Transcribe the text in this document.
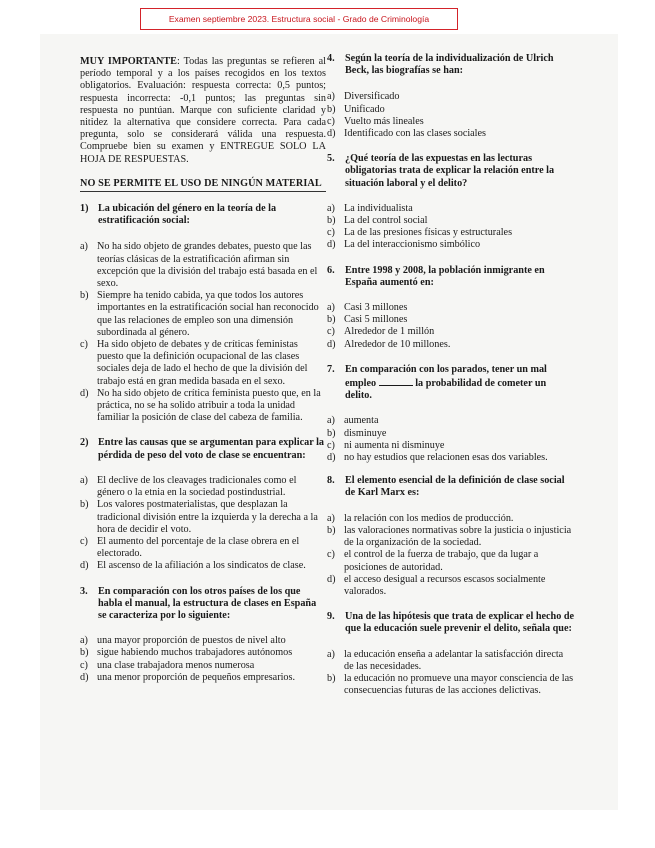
Examen septiembre 2023. Estructura social - Grado de Criminología

MUY IMPORTANTE: Todas las preguntas se refieren al período temporal y a los países recogidos en los textos obligatorios. Evaluación: respuesta correcta: 0,5 puntos; respuesta incorrecta: -0,1 puntos; las preguntas sin respuesta no puntúan. Marque con suficiente claridad y nitidez la alternativa que considere correcta. Para cada pregunta, solo se considerará válida una respuesta. Compruebe bien su examen y ENTREGUE SOLO LA HOJA DE RESPUESTAS.

NO SE PERMITE EL USO DE NINGÚN MATERIAL
1) La ubicación del género en la teoría de la estratificación social:
a) No ha sido objeto de grandes debates, puesto que las teorías clásicas de la estratificación afirman sin excepción que la división del trabajo está basada en el sexo.
b) Siempre ha tenido cabida, ya que todos los autores importantes en la estratificación social han reconocido que las relaciones de empleo son una dimensión subordinada al género.
c) Ha sido objeto de debates y de críticas feministas puesto que la definición ocupacional de las clases sociales deja de lado el hecho de que la división del trabajo está en gran medida basada en el sexo.
d) No ha sido objeto de crítica feminista puesto que, en la práctica, no se ha solido atribuir a toda la unidad familiar la posición de clase del cabeza de familia.
2) Entre las causas que se argumentan para explicar la pérdida de peso del voto de clase se encuentran:
a) El declive de los cleavages tradicionales como el género o la etnia en la sociedad postindustrial.
b) Los valores postmaterialistas, que desplazan la tradicional división entre la izquierda y la derecha a la hora de decidir el voto.
c) El aumento del porcentaje de la clase obrera en el electorado.
d) El ascenso de la afiliación a los sindicatos de clase.
3.	En comparación con los otros países de los que habla el manual, la estructura de clases en España se caracteriza por lo siguiente:
a) una mayor proporción de puestos de nivel alto
b) sigue habiendo muchos trabajadores autónomos
c) una clase trabajadora menos numerosa
d) una menor proporción de pequeños empresarios.
4.	Según la teoría de la individualización de Ulrich Beck, las biografías se han:
a) Diversificado
b) Unificado
c) Vuelto más lineales
d) Identificado con las clases sociales
5.	¿Qué teoría de las expuestas en las lecturas obligatorias trata de explicar la relación entre la situación laboral y el delito?
a) La individualista
b) La del control social
c) La de las presiones físicas y estructurales
d) La del interaccionismo simbólico
6.	Entre 1998 y 2008, la población inmigrante en España aumentó en:
a) Casi 3 millones
b) Casi 5 millones
c) Alrededor de 1 millón
d) Alrededor de 10 millones.
7.	En comparación con los parados, tener un mal empleo	la probabilidad de cometer un delito.
a) aumenta
b) disminuye
c) ni aumenta ni disminuye
d) no hay estudios que relacionen esas dos variables.
8.	El elemento esencial de la definición de clase social de Karl Marx es:
a) la relación con los medios de producción.
b) las valoraciones normativas sobre la justicia o injusticia de la organización de la sociedad.
c) el control de la fuerza de trabajo, que da lugar a posiciones de autoridad.
d) el acceso desigual a recursos escasos socialmente valorados.
9.	Una de las hipótesis que trata de explicar el hecho de que la educación suele prevenir el delito, señala que:
a) la educación enseña a adelantar la satisfacción directa de las necesidades.
b) la educación no promueve una mayor consciencia de las consecuencias futuras de las acciones delictivas.
